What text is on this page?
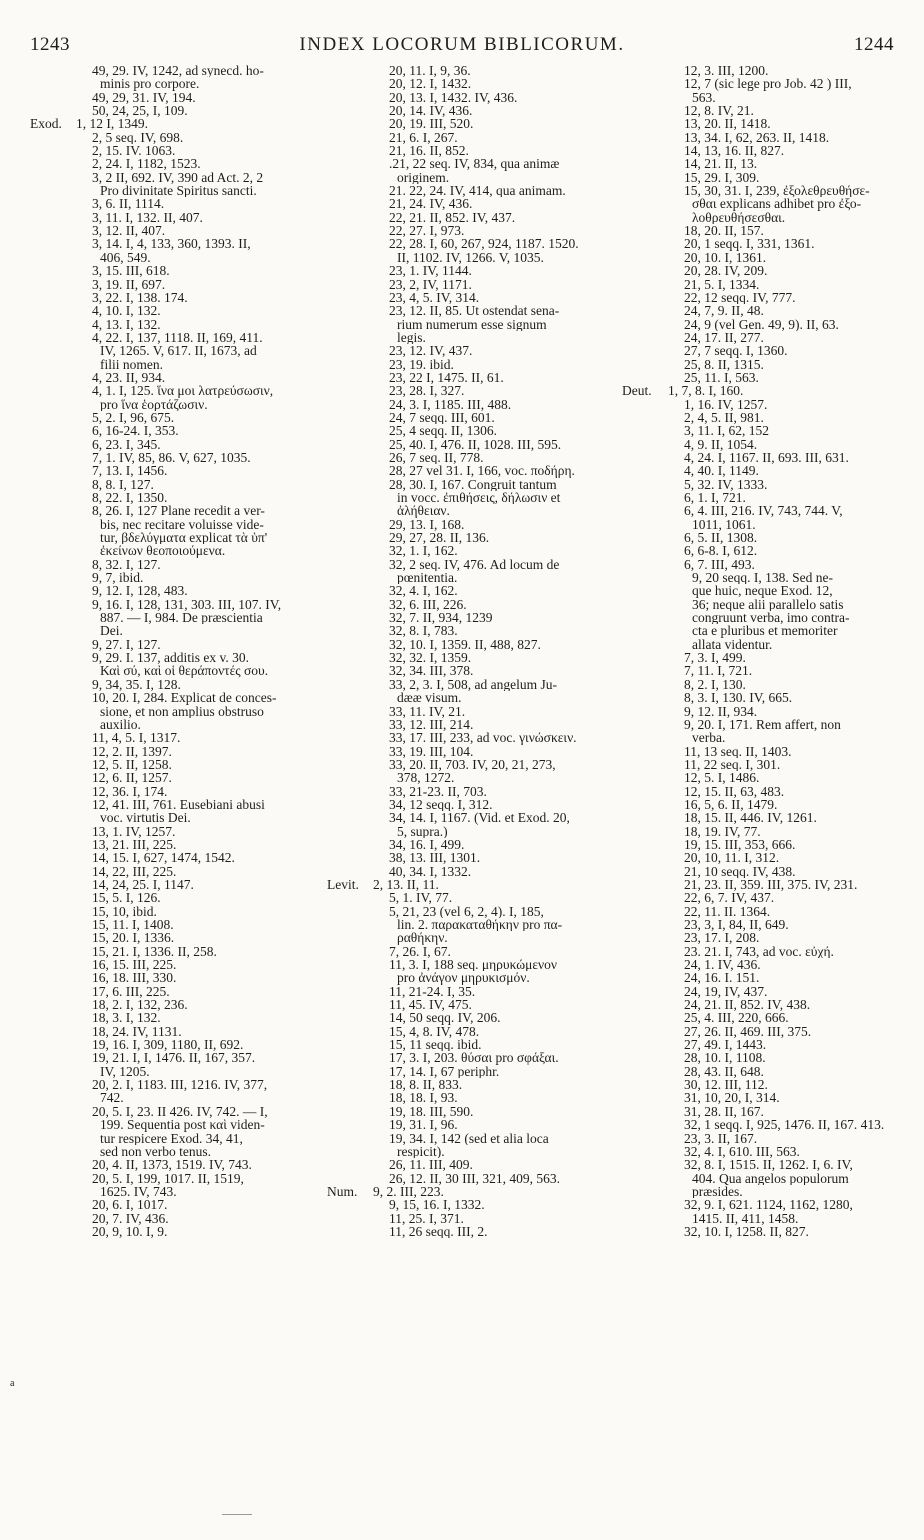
1243	INDEX LOCORUM BIBLICORUM.	1244
49, 29. IV, 1242, ad synecd. ho-
minis pro corpore.
49, 29, 31. IV, 194.
50, 24, 25, I, 109.
Exod. 1, 12 I, 1349.
2, 5 seq. IV, 698.
2, 15. IV. 1063.
2, 24. I, 1182, 1523.
3, 2 II, 692. IV, 390 ad Act. 2, 2
Pro divinitate Spiritus sancti.
3, 6. II, 1114.
3, 11. I, 132. II, 407.
3, 12. II, 407.
3, 14. I, 4, 133, 360, 1393. II,
406, 549.
3, 15. III, 618.
3, 19. II, 697.
3, 22. I, 138. 174.
4, 10. I, 132.
4, 13. I, 132.
4, 22. I, 137, 1118. II, 169, 411.
IV, 1265. V, 617. II, 1673, ad
filii nomen.
4, 23. II, 934.
4, 1. I, 125. ἵνα μοι λατρεύσωσιν,
pro ἵνα ἑορτάζωσιν.
5, 2. I, 96, 675.
6, 16-24. I, 353.
6, 23. I, 345.
7, 1. IV, 85, 86. V, 627, 1035.
7, 13. I, 1456.
8, 8. I, 127.
8, 22. I, 1350.
8, 26. I, 127 Plane recedit a ver-
bis, nec recitare voluisse vide-
tur, βδελύγματα explicat τὰ ὑπ'
ἐκείνων θεοποιούμενα.
8, 32. I, 127.
9, 7, ibid.
9, 12. I, 128, 483.
9, 16. I, 128, 131, 303. III, 107. IV,
887. — I, 984. De præscientia
Dei.
9, 27. I, 127.
9, 29. I. 137, additis ex v. 30.
Καὶ σύ, καὶ οἱ θεράποντές σου.
9, 34, 35. I, 128.
10, 20. I, 284. Explicat de conces-
sione, et non amplius obstruso
auxilio.
11, 4, 5. I, 1317.
12, 2. II, 1397.
12, 5. II, 1258.
12, 6. II, 1257.
12, 36. I, 174.
12, 41. III, 761. Eusebiani abusi
voc. virtutis Dei.
13, 1. IV, 1257.
13, 21. III, 225.
14, 15. I, 627, 1474, 1542.
14, 22, III, 225.
14, 24, 25. I, 1147.
15, 5. I, 126.
15, 10, ibid.
15, 11. I, 1408.
15, 20. I, 1336.
15, 21. I, 1336. II, 258.
16, 15. III, 225.
16, 18. III, 330.
17, 6. III, 225.
18, 2. I, 132, 236.
18, 3. I, 132.
18, 24. IV, 1131.
19, 16. I, 309, 1180, II, 692.
19, 21. I, I, 1476. II, 167, 357.
IV, 1205.
20, 2. I, 1183. III, 1216. IV, 377,
742.
20, 5. I, 23. II 426. IV, 742. — I,
199. Sequentia post καὶ viden-
tur respicere Exod. 34, 41,
sed non verbo tenus.
20, 4. II, 1373, 1519. IV, 743.
20, 5. I, 199, 1017. II, 1519,
1625. IV, 743.
20, 6. I, 1017.
20, 7. IV, 436.
20, 9, 10. I, 9.
20, 11. I, 9, 36.
20, 12. I, 1432.
20, 13. I, 1432. IV, 436.
20, 14. IV, 436.
20, 19. III, 520.
21, 6. I, 267.
21, 16. II, 852.
.21, 22 seq. IV, 834, qua animæ
originem.
21. 22, 24. IV, 414, qua animam.
21, 24. IV, 436.
22, 21. II, 852. IV, 437.
22, 27. I, 973.
22, 28. I, 60, 267, 924, 1187. 1520.
II, 1102. IV, 1266. V, 1035.
23, 1. IV, 1144.
23, 2, IV, 1171.
23, 4, 5. IV, 314.
23, 12. II, 85. Ut ostendat sena-
rium numerum esse signum
legis.
23, 12. IV, 437.
23, 19. ibid.
23, 22 I, 1475. II, 61.
23, 28. I, 327.
24, 3. I, 1185. III, 488.
24, 7 seqq. III, 601.
25, 4 seqq. II, 1306.
25, 40. I, 476. II, 1028. III, 595.
26, 7 seq. II, 778.
28, 27 vel 31. I, 166, voc. ποδήρη.
28, 30. I, 167. Congruit tantum
in vocc. ἐπιθήσεις, δήλωσιν et
ἀλήθειαν.
29, 13. I, 168.
29, 27, 28. II, 136.
32, 1. I, 162.
32, 2 seq. IV, 476. Ad locum de
pœnitentia.
32, 4. I, 162.
32, 6. III, 226.
32, 7. II, 934, 1239
32, 8. I, 783.
32, 10. I, 1359. II, 488, 827.
32, 32. I, 1359.
32, 34. III, 378.
33, 2, 3. I, 508, ad angelum Ju-
dææ visum.
33, 11. IV, 21.
33, 12. III, 214.
33, 17. III, 233, ad voc. γινώσκειν.
33, 19. III, 104.
33, 20. II, 703. IV, 20, 21, 273,
378, 1272.
33, 21-23. II, 703.
34, 12 seqq. I, 312.
34, 14. I, 1167. (Vid. et Exod. 20,
5, supra.)
34, 16. I, 499.
38, 13. III, 1301.
40, 34. I, 1332.
Levit. 2, 13. II, 11.
5, 1. IV, 77.
5, 21, 23 (vel 6, 2, 4). I, 185,
lin. 2. παρακαταθήκην pro πα-
ραθήκην.
7, 26. I, 67.
11, 3. I, 188 seq. μηρυκώμενον
pro ἀνάγον μηρυκισμόν.
11, 21-24. I, 35.
11, 45. IV, 475.
14, 50 seqq. IV, 206.
15, 4, 8. IV, 478.
15, 11 seqq. ibid.
17, 3. I, 203. θύσαι pro σφάξαι.
17, 14. I, 67 periphr.
18, 8. II, 833.
18, 18. I, 93.
19, 18. III, 590.
19, 31. I, 96.
19, 34. I, 142 (sed et alia loca
respicit).
26, 11. III, 409.
26, 12. II, 30 III, 321, 409, 563.
Num. 9, 2. III, 223.
9, 15, 16. I, 1332.
11, 25. I, 371.
11, 26 seqq. III, 2.
12, 3. III, 1200.
12, 7 (sic lege pro Job. 42 ) III,
563.
12, 8. IV, 21.
13, 20. II, 1418.
13, 34. I, 62, 263. II, 1418.
14, 13, 16. II, 827.
14, 21. II, 13.
15, 29. I, 309.
15, 30, 31. I, 239, ἐξολεθρευθήσε-
σθαι explicans adhibet pro ἐξο-
λοθρευθήσεσθαι.
18, 20. II, 157.
20, 1 seqq. I, 331, 1361.
20, 10. I, 1361.
20, 28. IV, 209.
21, 5. I, 1334.
22, 12 seqq. IV, 777.
24, 7, 9. II, 48.
24, 9 (vel Gen. 49, 9). II, 63.
24, 17. II, 277.
27, 7 seqq. I, 1360.
25, 8. II, 1315.
25, 11. I, 563.
Deut. 1, 7, 8. I, 160.
1, 16. IV, 1257.
2, 4, 5. II, 981.
3, 11. I, 62, 152
4, 9. II, 1054.
4, 24. I, 1167. II, 693. III, 631.
4, 40. I, 1149.
5, 32. IV, 1333.
6, 1. I, 721.
6, 4. III, 216. IV, 743, 744. V,
1011, 1061.
6, 5. II, 1308.
6, 6-8. I, 612.
6, 7. III, 493.
9, 20 seqq. I, 138. Sed ne-
que huic, neque Exod. 12,
36; neque alii parallelo satis
congruunt verba, imo contra-
cta e pluribus et memoriter
allata videntur.
7, 3. I, 499.
7, 11. I, 721.
8, 2. I, 130.
8, 3. I, 130. IV, 665.
9, 12. II, 934.
9, 20. I, 171. Rem affert, non
verba.
11, 13 seq. II, 1403.
11, 22 seq. I, 301.
12, 5. I, 1486.
12, 15. II, 63, 483.
16, 5, 6. II, 1479.
18, 15. II, 446. IV, 1261.
18, 19. IV, 77.
19, 15. III, 353, 666.
20, 10, 11. I, 312.
21, 10 seqq. IV, 438.
21, 23. II, 359. III, 375. IV, 231.
22, 6, 7. IV, 437.
22, 11. II. 1364.
23, 3, I, 84, II, 649.
23, 17. I, 208.
23. 21. I, 743, ad voc. εὐχή.
24, 1. IV, 436.
24, 16. I. 151.
24, 19, IV, 437.
24, 21. II, 852. IV, 438.
25, 4. III, 220, 666.
27, 26. II, 469. III, 375.
27, 49. I, 1443.
28, 10. I, 1108.
28, 43. II, 648.
30, 12. III, 112.
31, 10, 20, I, 314.
31, 28. II, 167.
32, 1 seqq. I, 925, 1476. II, 167. 413.
23, 3. II, 167.
32, 4. I, 610. III, 563.
32, 8. I, 1515. II, 1262. I, 6. IV,
404. Qua angelos populorum
præsides.
32, 9. I, 621. 1124, 1162, 1280,
1415. II, 411, 1458.
32, 10. I, 1258. II, 827.
a
